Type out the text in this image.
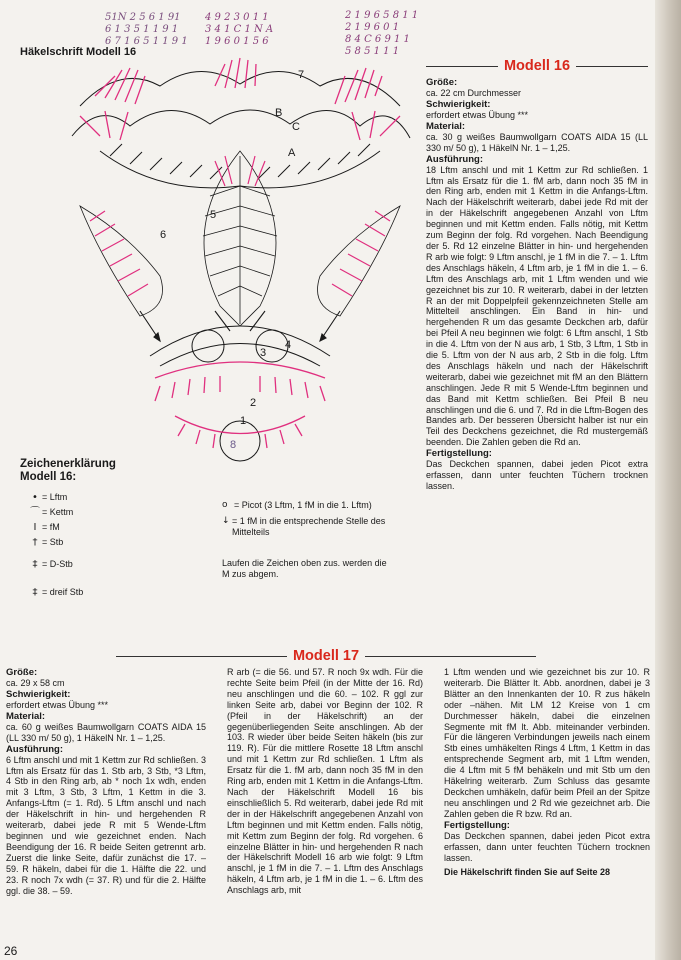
51N 2 5 6 1 91
6 1 3 5 1 1 9 1
6 7 1 6 5 1 1 9 1
4 9 2 3 0 1 1
3 4 1 C 1 N A
1 9 6 0 1 5 6
2 1 9 6 5 8 1 1
2 1 9 6 0 1
8 4 C 6 9 1 1
5 8 5 1 1 1
Häkelschrift Modell 16
7
6
5
4
3
2
1
A
B
C
8
Zeichenerklärung
Modell 16:
• = Lftm
⌒ = Kettm
I = fM
† = Stb
‡ = D-Stb
‡ = dreif Stb
o = Picot (3 Lftm, 1 fM in die 1. Lftm)
↓ = 1 fM in die entsprechende Stelle des Mittelteils
Laufen die Zeichen oben zus. werden die M zus abgem.
Modell 16
Größe:
ca. 22 cm Durchmesser
Schwierigkeit:
erfordert etwas Übung ***
Material:
ca. 30 g weißes Baumwollgarn COATS AIDA 15 (LL 330 m/ 50 g), 1 HäkelN Nr. 1 – 1,25.
Ausführung:
18 Lftm anschl und mit 1 Kettm zur Rd schließen. 1 Lftm als Ersatz für die 1. fM arb, dann noch 35 fM in den Ring arb, enden mit 1 Kettm in die Anfangs-Lftm. Nach der Häkelschrift weiterarb, dabei jede Rd mit der in der Häkelschrift angegebenen Anzahl von Lftm beginnen und mit Kettm enden. Falls nötig, mit Kettm zum Beginn der folg. Rd vorgehen. Nach Beendigung der 5. Rd 12 einzelne Blätter in hin- und hergehenden R arb wie folgt: 9 Lftm anschl, je 1 fM in die 7. – 1. Lftm des Anschlags häkeln, 4 Lftm arb, je 1 fM in die 1. – 6. Lftm des Anschlags arb, mit 1 Lftm wenden und wie gezeichnet bis zur 10. R weiterarb, dabei in der letzten R an der mit Doppelpfeil gekennzeichneten Stelle am Mittelteil anschlingen. Ein Band in hin- und hergehenden R um das gesamte Deckchen arb, dafür bei Pfeil A neu beginnen wie folgt: 6 Lftm anschl, 1 Stb in die 4. Lftm von der N aus arb, 1 Stb, 3 Lftm, 1 Stb in die 5. Lftm von der N aus arb, 2 Stb in die folg. Lftm des Anschlags häkeln und nach der Häkelschrift weiterarb, dabei wie gezeichnet mit fM an den Blättern anschlingen. Jede R mit 5 Wende-Lftm beginnen und das Band mit Kettm schließen. Bei Pfeil B neu anschlingen und die 6. und 7. Rd in die Lftm-Bogen des Bandes arb. Der besseren Übersicht halber ist nur ein Teil des Deckchens gezeichnet, die Rd mustergemäß beenden. Die Zahlen geben die Rd an.
Fertigstellung:
Das Deckchen spannen, dabei jeden Picot extra erfassen, dann unter feuchten Tüchern trocknen lassen.
Modell 17
Größe:
ca. 29 x 58 cm
Schwierigkeit:
erfordert etwas Übung ***
Material:
ca. 60 g weißes Baumwollgarn COATS AIDA 15 (LL 330 m/ 50 g), 1 HäkelN Nr. 1 – 1,25.
Ausführung:
6 Lftm anschl und mit 1 Kettm zur Rd schließen. 3 Lftm als Ersatz für das 1. Stb arb, 3 Stb, *3 Lftm, 4 Stb in den Ring arb, ab * noch 1x wdh, enden mit 3 Lftm, 3 Stb, 3 Lftm, 1 Kettm in die 3. Anfangs-Lftm (= 1. Rd). 5 Lftm anschl und nach der Häkelschrift in hin- und hergehenden R weiterarb, dabei jede R mit 5 Wende-Lftm beginnen und wie gezeichnet enden. Nach Beendigung der 16. R beide Seiten getrennt arb. Zuerst die linke Seite, dafür zunächst die 17. – 59. R häkeln, dabei für die 1. Hälfte die 22. und 23. R noch 7x wdh (= 37. R) und für die 2. Hälfte ggl. die 38. – 59.
R arb (= die 56. und 57. R noch 9x wdh. Für die rechte Seite beim Pfeil (in der Mitte der 16. Rd) neu anschlingen und die 60. – 102. R ggl zur linken Seite arb, dabei vor Beginn der 102. R (Pfeil in der Häkelschrift) an der gegenüberliegenden Seite anschlingen. Ab der 103. R wieder über beide Seiten häkeln (bis zur 119. R). Für die mittlere Rosette 18 Lftm anschl und mit 1 Kettm zur Rd schließen. 1 Lftm als Ersatz für die 1. fM arb, dann noch 35 fM in den Ring arb, enden mit 1 Kettm in die Anfangs-Lftm. Nach der Häkelschrift Modell 16 bis einschließlich 5. Rd weiterarb, dabei jede Rd mit der in der Häkelschrift angegebenen Anzahl von Lftm beginnen und mit Kettm enden. Falls nötig, mit Kettm zum Beginn der folg. Rd vorgehen. 6 einzelne Blätter in hin- und hergehenden R nach der Häkelschrift Modell 16 arb wie folgt: 9 Lftm anschl, je 1 fM in die 7. – 1. Lftm des Anschlags häkeln, 4 Lftm arb, je 1 fM in die 1. – 6. Lftm des Anschlags arb, mit
1 Lftm wenden und wie gezeichnet bis zur 10. R weiterarb. Die Blätter lt. Abb. anordnen, dabei je 3 Blätter an den Innenkanten der 10. R zus häkeln oder –nähen. Mit LM 12 Kreise von 1 cm Durchmesser häkeln, dabei die einzelnen Segmente mit fM lt. Abb. miteinander verbinden. Für die längeren Verbindungen jeweils nach einem Stb eines umhäkelten Rings 4 Lftm, 1 Kettm in das entsprechende Segment arb, mit 1 Lftm wenden, die 4 Lftm mit 5 fM behäkeln und mit Stb um den Häkelring weiterarb. Zum Schluss das gesamte Deckchen umhäkeln, dafür beim Pfeil an der Spitze neu anschlingen und 2 Rd wie gezeichnet arb. Die Zahlen geben die R bzw. Rd an.
Fertigstellung:
Das Deckchen spannen, dabei jeden Picot extra erfassen, dann unter feuchten Tüchern trocknen lassen.
Die Häkelschrift finden Sie auf Seite 28
26
